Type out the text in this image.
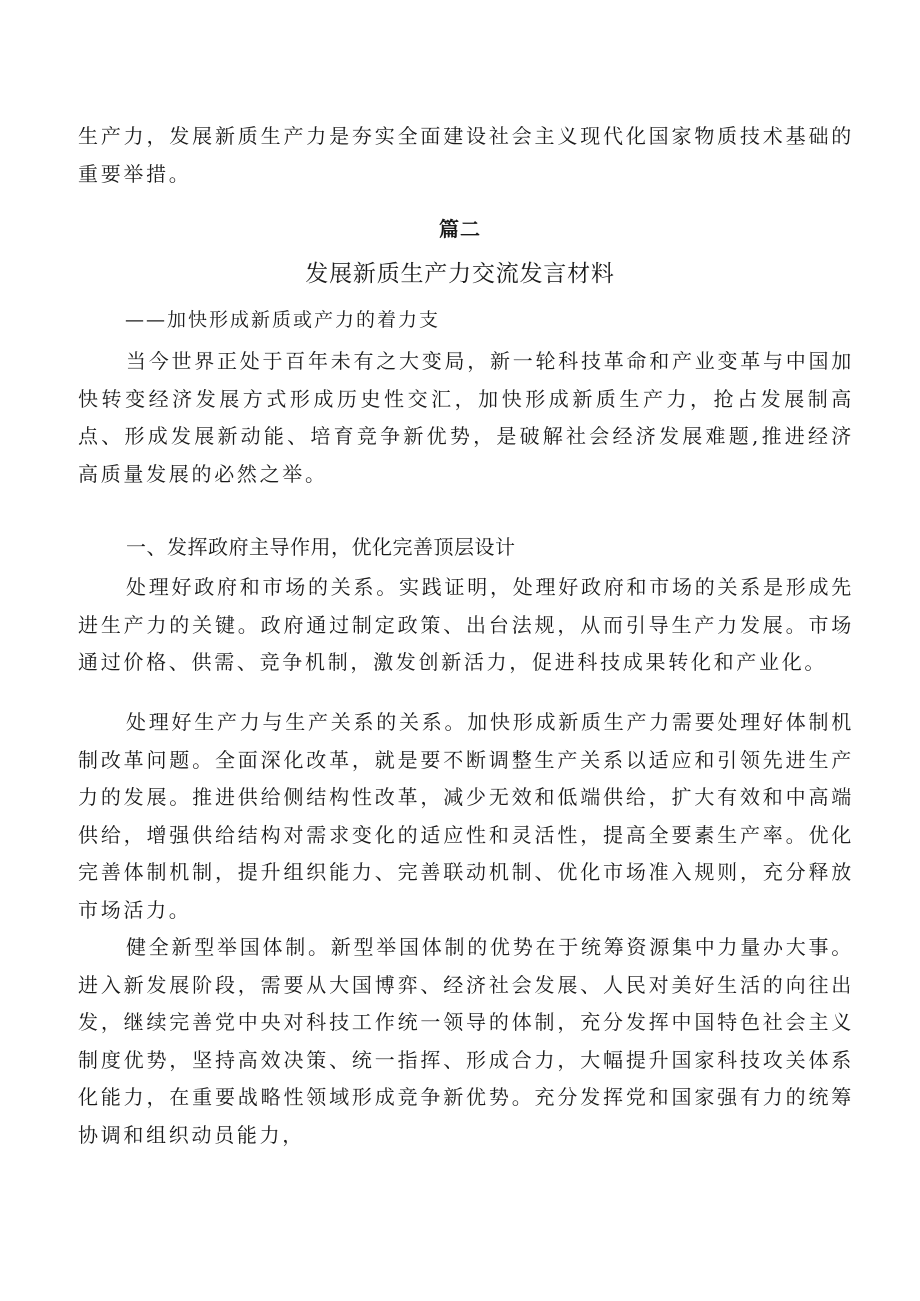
生产力，发展新质生产力是夯实全面建设社会主义现代化国家物质技术基础的重要举措。

篇二

发展新质生产力交流发言材料

——加快形成新质或产力的着力支

当今世界正处于百年未有之大变局，新一轮科技革命和产业变革与中国加快转变经济发展方式形成历史性交汇，加快形成新质生产力，抢占发展制高点、形成发展新动能、培育竞争新优势，是破解社会经济发展难题,推进经济高质量发展的必然之举。

一、发挥政府主导作用，优化完善顶层设计

处理好政府和市场的关系。实践证明，处理好政府和市场的关系是形成先进生产力的关键。政府通过制定政策、出台法规，从而引导生产力发展。市场通过价格、供需、竞争机制，激发创新活力，促进科技成果转化和产业化。

处理好生产力与生产关系的关系。加快形成新质生产力需要处理好体制机制改革问题。全面深化改革，就是要不断调整生产关系以适应和引领先进生产力的发展。推进供给侧结构性改革，减少无效和低端供给，扩大有效和中高端供给，增强供给结构对需求变化的适应性和灵活性，提高全要素生产率。优化完善体制机制，提升组织能力、完善联动机制、优化市场准入规则，充分释放市场活力。

健全新型举国体制。新型举国体制的优势在于统筹资源集中力量办大事。进入新发展阶段，需要从大国博弈、经济社会发展、人民对美好生活的向往出发，继续完善党中央对科技工作统一领导的体制，充分发挥中国特色社会主义制度优势，坚持高效决策、统一指挥、形成合力，大幅提升国家科技攻关体系化能力，在重要战略性领域形成竞争新优势。充分发挥党和国家强有力的统筹协调和组织动员能力，
